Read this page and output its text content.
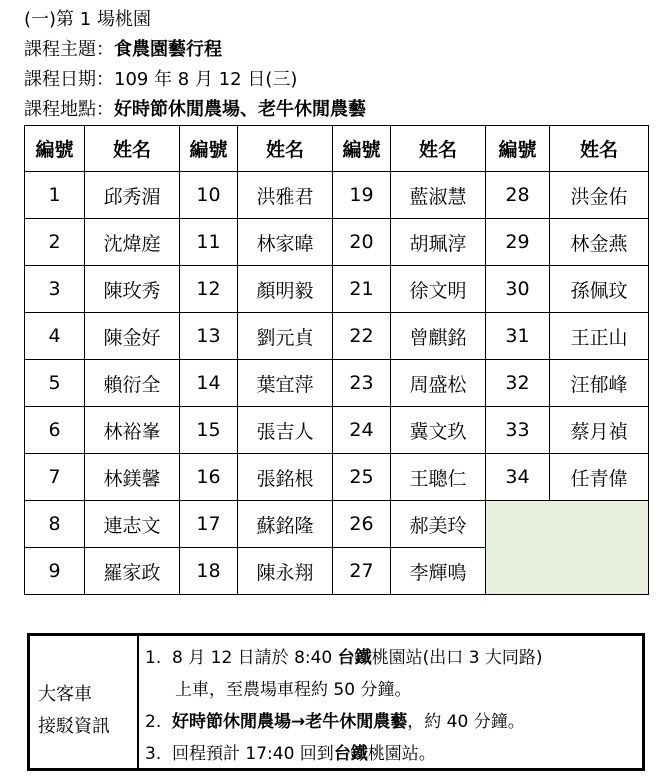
(一)第 1 場桃園
課程主題：食農園藝行程
課程日期：109 年 8 月 12 日(三)
課程地點：好時節休閒農場、老牛休閒農藝
編號	姓名	編號	姓名	編號	姓名	編號	姓名
1	邱秀湄	10	洪雅君	19	藍淑慧	28	洪金佑
2	沈煒庭	11	林家暐	20	胡珮淳	29	林金燕
3	陳玫秀	12	顏明毅	21	徐文明	30	孫佩玟
4	陳金好	13	劉元貞	22	曾麒銘	31	王正山
5	賴衍全	14	葉宜萍	23	周盛松	32	汪郁峰
6	林裕峯	15	張吉人	24	冀文玖	33	蔡月禎
7	林鎂馨	16	張銘根	25	王聰仁	34	任青偉
8	連志文	17	蘇銘隆	26	郝美玲		
9	羅家政	18	陳永翔	27	李輝鳴		
大客車
接駁資訊
1. 8 月 12 日請於 8:40 台鐵桃園站(出口 3 大同路)
上車，至農場車程約 50 分鐘。
2. 好時節休閒農場→老牛休閒農藝，約 40 分鐘。
3. 回程預計 17:40 回到台鐵桃園站。
